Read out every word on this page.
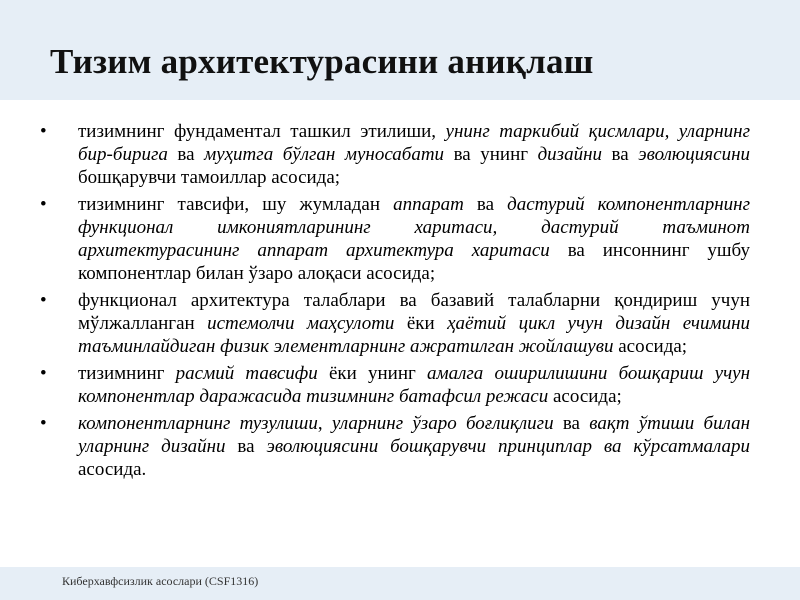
Тизим архитектурасини аниқлаш
• тизимнинг фундаментал ташкил этилиши, унинг таркибий қисмлари, уларнинг бир-бирига ва муҳитга бўлган муносабати ва унинг дизайни ва эволюциясини бошқарувчи тамоиллар асосида;
• тизимнинг тавсифи, шу жумладан аппарат ва дастурий компонентларнинг функционал имкониятларининг харитаси, дастурий таъминот архитектурасининг аппарат архитектура харитаси ва инсоннинг ушбу компонентлар билан ўзаро алоқаси асосида;
• функционал архитектура талаблари ва базавий талабларни қондириш учун мўлжалланган истемолчи маҳсулоти ёки ҳаётий цикл учун дизайн ечимини таъминлайдиган физик элементларнинг ажратилган жойлашуви асосида;
• тизимнинг расмий тавсифи ёки унинг амалга оширилишини бошқариш учун компонентлар даражасида тизимнинг батафсил режаси асосида;
• компонентларнинг тузулиши, уларнинг ўзаро боғлиқлиги ва вақт ўтиши билан уларнинг дизайни ва эволюциясини бошқарувчи принциплар ва кўрсатмалари асосида.
Киберхавфсизлик асослари (CSF1316)
